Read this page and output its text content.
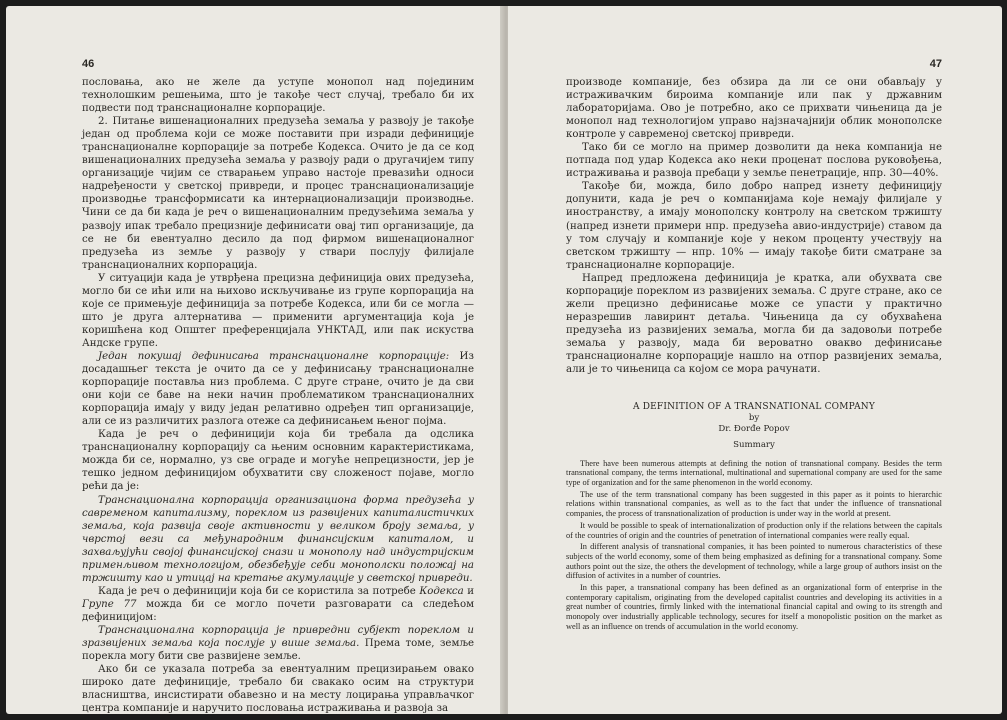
46

пословања, ако не желе да уступе монопол над појединим технолошким решењима, што је такође чест случај, требало би их подвести под транснационалне корпорације.

2. Питање вишенационалних предузећа земаља у развоју је такође један од проблема који се може поставити при изради дефиниције транснационалне корпорације за потребе Кодекса. Очито је да се код вишенационалних предузећа земаља у развоју ради о другачијем типу организације чијим се стварањем управо настоје превазићи односи надређености у светској привреди, и процес транснационализације производње трансформисати ка интернационализацији производње. Чини се да би када је реч о вишенационалним предузећима земаља у развоју ипак требало прецизније дефинисати овај тип организације, да се не би евентуално десило да под фирмом вишенационалног предузећа из земље у развоју у ствари послују филијале транснационалних корпорација.

У ситуацији када је утврђена прецизна дефиниција ових предузећа, могло би се ићи или на њихово искључивање из групе корпорација на које се примењује дефиниција за потребе Кодекса, или би се могла — што је друга алтернатива — применити аргументација која је коришћена код Општег преференцијала УНКТАД, или пак искуства Андске групе.

Један покушај дефинисања транснационалне корпорације: Из досадашњег текста је очито да се у дефинисању транснационалне корпорације поставља низ проблема. С друге стране, очито је да сви они који се баве на неки начин проблематиком транснационалних корпорација имају у виду један релативно одређен тип организације, али се из различитих разлога отеже са дефинисањем њеног појма.

Када је реч о дефиницији која би требала да одслика транснационалну корпорацију са њеним основним карактеристикама, можда би се, нормално, уз све ограде и могуће непрецизности, јер је тешко једном дефиницијом обухватити сву сложеност појаве, могло рећи да је:

Транснационална корпорација организациона форма предузећа у савременом капитализму, пореклом из развијених капиталистичких земаља, која развија своје активности у великом броју земаља, у чврстој вези са међународним финансијским капиталом, и захваљујући својој финансијској снази и монополу над индустријским применљивом технологијом, обезбеђује себи монополски положај на тржишту као и утицај на кретање акумулације у светској привреди.

Када је реч о дефиницији која би се користила за потребе Кодекса и Групе 77 можда би се могло почети разговарати са следећом дефиницијом:

Транснационална корпорација је привредни субјект пореклом и зразвијених земаља која послује у више земаља. Према томе, земље порекла могу бити све развијене земље.

Ако би се указала потреба за евентуалним прецизирањем овако широко дате дефиниције, требало би свакако осим на структури власништва, инсистирати обавезно и на месту лоцирања управљачког центра компаније и наручито пословања истраживања и развоја за

47

производе компаније, без обзира да ли се они обављају у истраживачким бироима компаније или пак у државним лабораторијама. Ово је потребно, ако се прихвати чињеница да је монопол над технологијом управо најзначајнији облик монополске контроле у савременој светској привреди.

Тако би се могло на пример дозволити да нека компанија не потпада под удар Кодекса ако неки проценат послова руковођења, истраживања и развоја пребаци у земље пенетрације, нпр. 30—40%.

Такође би, можда, било добро напред изнету дефиницију допунити, када је реч о компанијама које немају филијале у иностранству, а имају монополску контролу на светском тржишту (напред изнети примери нпр. предузећа авио-индустрије) ставом да у том случају и компаније које у неком проценту учествују на светском тржишту — нпр. 10% — имају такође бити сматране за транснационалне корпорације.

Напред предложена дефиниција је кратка, али обухвата све корпорације пореклом из развијених земаља. С друге стране, ако се жели прецизно дефинисање може се упасти у практично неразрешив лавиринт детаља. Чињеница да су обухваћена предузећа из развијених земаља, могла би да задовољи потребе земаља у развоју, мада би вероватно овакво дефинисање транснационалне корпорације нашло на отпор развијених земаља, али је то чињеница са којом се мора рачунати.

A DEFINITION OF A TRANSNATIONAL COMPANY
by
Dr. Đorđe Popov
Summary

There have been numerous attempts at defining the notion of transnational company. Besides the term transnational company, the terms international, multinational and supernational company are used for the same type of organization and for the same phenomenon in the world economy.

The use of the term transnational company has been suggested in this paper as it points to hierarchic relations within transnational companies, as well as to the fact that under the influence of transnational companies, the process of transnationalization of production is under way in the world at present.

It would be possible to speak of internationalization of production only if the relations between the capitals of the countries of origin and the countries of penetration of international companies were really equal.

In different analysis of transnational companies, it has been pointed to numerous characteristics of these subjects of the world economy, some of them being emphasized as defining for a transnational company. Some authors point out the size, the others the development of technology, while a large group of authors insist on the diffusion of activites in a number of countries.

In this paper, a transnational company has been defined as an organizational form of enterprise in the contemporary capitalism, originating from the developed capitalist countries and developing its activities in a great number of countries, firmly linked with the international financial capital and owing to its strength and monopoly over industrially applicable technology, secures for itself a monopolistic position on the market as well as an influence on trends of accumulation in the world economy.
